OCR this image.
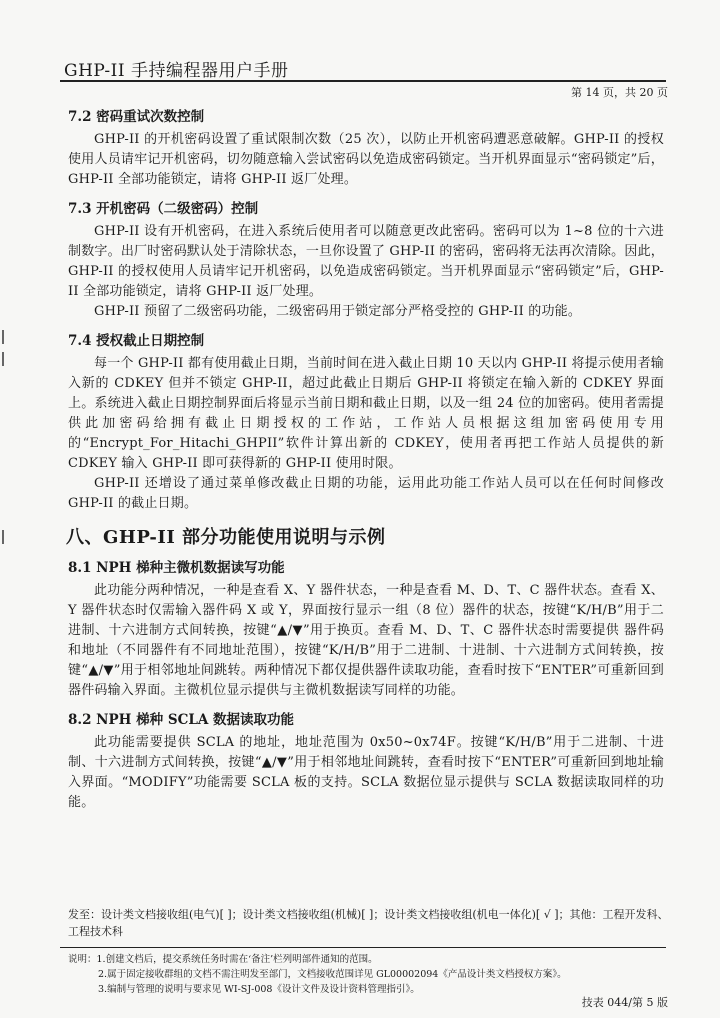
GHP-II 手持编程器用户手册
第 14 页，共 20 页
7.2 密码重试次数控制

GHP-II 的开机密码设置了重试限制次数（25 次），以防止开机密码遭恶意破解。GHP-II 的授权使用人员请牢记开机密码，切勿随意输入尝试密码以免造成密码锁定。当开机界面显示“密码锁定”后，GHP-II 全部功能锁定，请将 GHP-II 返厂处理。

7.3 开机密码（二级密码）控制

GHP-II 设有开机密码，在进入系统后使用者可以随意更改此密码。密码可以为 1~8 位的十六进制数字。出厂时密码默认处于清除状态，一旦你设置了 GHP-II 的密码，密码将无法再次清除。因此，GHP-II 的授权使用人员请牢记开机密码，以免造成密码锁定。当开机界面显示“密码锁定”后，GHP-II 全部功能锁定，请将 GHP-II 返厂处理。

GHP-II 预留了二级密码功能，二级密码用于锁定部分严格受控的 GHP-II 的功能。

7.4 授权截止日期控制

每一个 GHP-II 都有使用截止日期，当前时间在进入截止日期 10 天以内 GHP-II 将提示使用者输入新的 CDKEY 但并不锁定 GHP-II，超过此截止日期后 GHP-II 将锁定在输入新的 CDKEY 界面上。系统进入截止日期控制界面后将显示当前日期和截止日期，以及一组 24 位的加密码。使用者需提供此加密码给拥有截止日期授权的工作站，工作站人员根据这组加密码使用专用的“Encrypt_For_Hitachi_GHPII”软件计算出新的 CDKEY，使用者再把工作站人员提供的新 CDKEY 输入 GHP-II 即可获得新的 GHP-II 使用时限。

GHP-II 还增设了通过菜单修改截止日期的功能，运用此功能工作站人员可以在任何时间修改 GHP-II 的截止日期。

八、GHP-II 部分功能使用说明与示例
8.1 NPH 梯种主微机数据读写功能

此功能分两种情况，一种是查看 X、Y 器件状态，一种是查看 M、D、T、C 器件状态。查看 X、Y 器件状态时仅需输入器件码 X 或 Y，界面按行显示一组（8 位）器件的状态，按键“K/H/B”用于二进制、十六进制方式间转换，按键“▲/▼”用于换页。查看 M、D、T、C 器件状态时需要提供 器件码和地址（不同器件有不同地址范围），按键“K/H/B”用于二进制、十进制、十六进制方式间转换，按键“▲/▼”用于相邻地址间跳转。两种情况下都仅提供器件读取功能，查看时按下“ENTER”可重新回到器件码输入界面。主微机位显示提供与主微机数据读写同样的功能。

8.2 NPH 梯种 SCLA 数据读取功能

此功能需要提供 SCLA 的地址，地址范围为 0x50~0x74F。按键“K/H/B”用于二进制、十进制、十六进制方式间转换，按键“▲/▼”用于相邻地址间跳转，查看时按下“ENTER”可重新回到地址输入界面。“MODIFY”功能需要 SCLA 板的支持。SCLA 数据位显示提供与 SCLA 数据读取同样的功能。

发至：设计类文档接收组(电气)[ ]；设计类文档接收组(机械)[ ]；设计类文档接收组(机电一体化)[ √ ]；其他：工程开发科、工程技术科
说明：1.创建文档后，提交系统任务时需在‘备注’栏列明部件通知的范围。
2.属于固定接收群组的文档不需注明发至部门，文档接收范围详见 GL00002094《产品设计类文档授权方案》。
3.编制与管理的说明与要求见 WI-SJ-008《设计文件及设计资料管理指引》。
技表 044/第 5 版
